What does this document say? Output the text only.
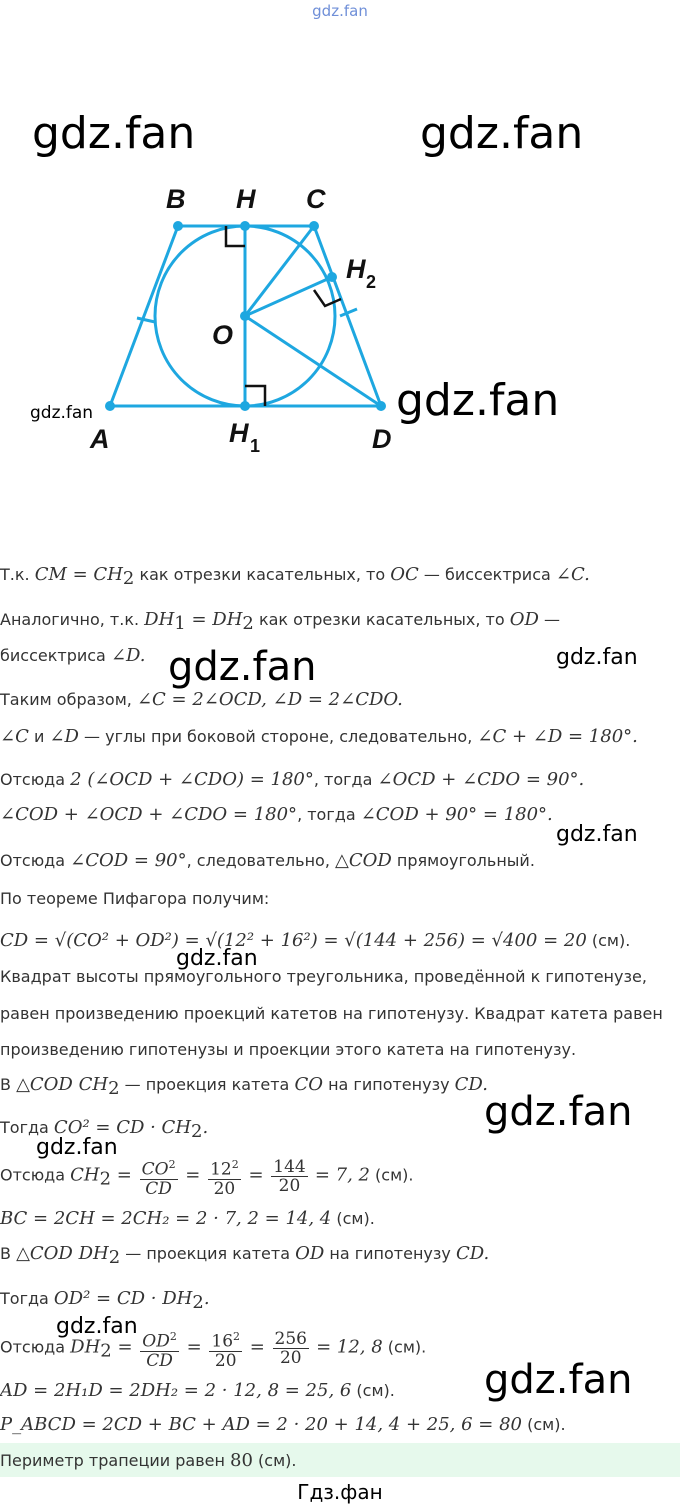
gdz.fan
B H C
H 2
O
A	H 1	D
gdz.fan	gdz.fan
gdz.fan	gdz.fan
Т.к. CM = $CH_2$ как отрезки касательных, то OC — биссектриса ∠C.
Аналогично, т.к. $DH_1 = DH_2$ как отрезки касательных, то OD —
биссектриса ∠D. gdz.fan	gdz.fan
Таким образом, ∠C = 2∠OCD, ∠D = 2∠CDO.
∠C и ∠D — углы при боковой стороне, следовательно, ∠C + ∠D = 180°.
Отсюда 2 (∠OCD + ∠CDO) = 180°, тогда ∠OCD + ∠CDO = 90°.
∠COD + ∠OCD + ∠CDO = 180°, тогда ∠COD + 90° = 180°.
gdz.fan
Отсюда ∠COD = 90°, следовательно, △COD прямоугольный.
По теореме Пифагора получим:
CD = √(CO² + OD²) = √(12² + 16²) = √(144 + 256) = √400 = 20 (см).
gdz.fan
Квадрат высоты прямоугольного треугольника, проведённой к гипотенузе,
равен произведению проекций катетов на гипотенузу. Квадрат катета равен
произведению гипотенузы и проекции этого катета на гипотенузу.
В △COD $CH_2$ — проекция катета CO на гипотенузу CD.
gdz.fan
Тогда CO² = CD · $CH_2$.
gdz.fan
Отсюда $CH_2 = \frac{CO^2}{CD} = \frac{12^2}{20} = \frac{144}{20} = 7$, 2 (см).
BC = 2CH = 2CH₂ = 2 · 7, 2 = 14, 4 (см).
В △COD $DH_2$ — проекция катета OD на гипотенузу CD.
Тогда OD² = CD · $DH_2$.
gdz.fan
Отсюда $DH_2 = \frac{OD^2}{CD} = \frac{16^2}{20} = \frac{256}{20} = 12$, 8 (см).
gdz.fan
AD = 2H₁D = 2DH₂ = 2 · 12, 8 = 25, 6 (см).
P_ABCD = 2CD + BC + AD = 2 · 20 + 14, 4 + 25, 6 = 80 (см).
Периметр трапеции равен 80 (см).
Гдз.фан
